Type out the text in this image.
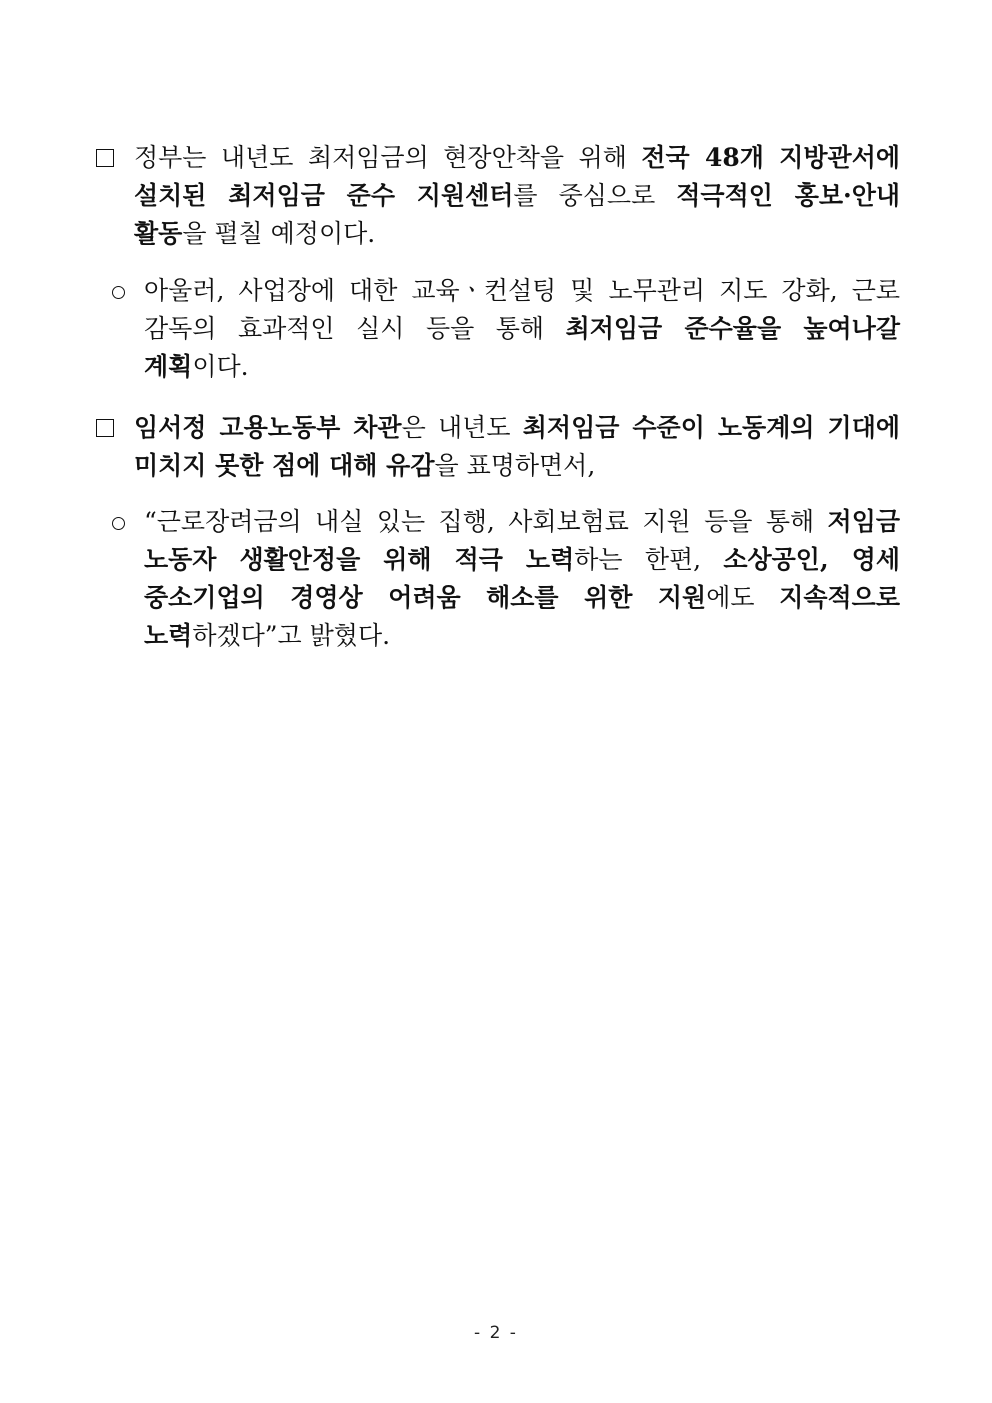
정부는 내년도 최저임금의 현장안착을 위해 전국 48개 지방관서에
설치된 최저임금 준수 지원센터를 중심으로 적극적인 홍보·안내
활동을 펼칠 예정이다.
아울러, 사업장에 대한 교육ㆍ컨설팅 및 노무관리 지도 강화, 근로
감독의 효과적인 실시 등을 통해 최저임금 준수율을 높여나갈
계획이다.
임서정 고용노동부 차관은 내년도 최저임금 수준이 노동계의 기대에
미치지 못한 점에 대해 유감을 표명하면서,
“근로장려금의 내실 있는 집행, 사회보험료 지원 등을 통해 저임금
노동자 생활안정을 위해 적극 노력하는 한편, 소상공인, 영세
중소기업의 경영상 어려움 해소를 위한 지원에도 지속적으로
노력하겠다”고 밝혔다.
- 2 -
